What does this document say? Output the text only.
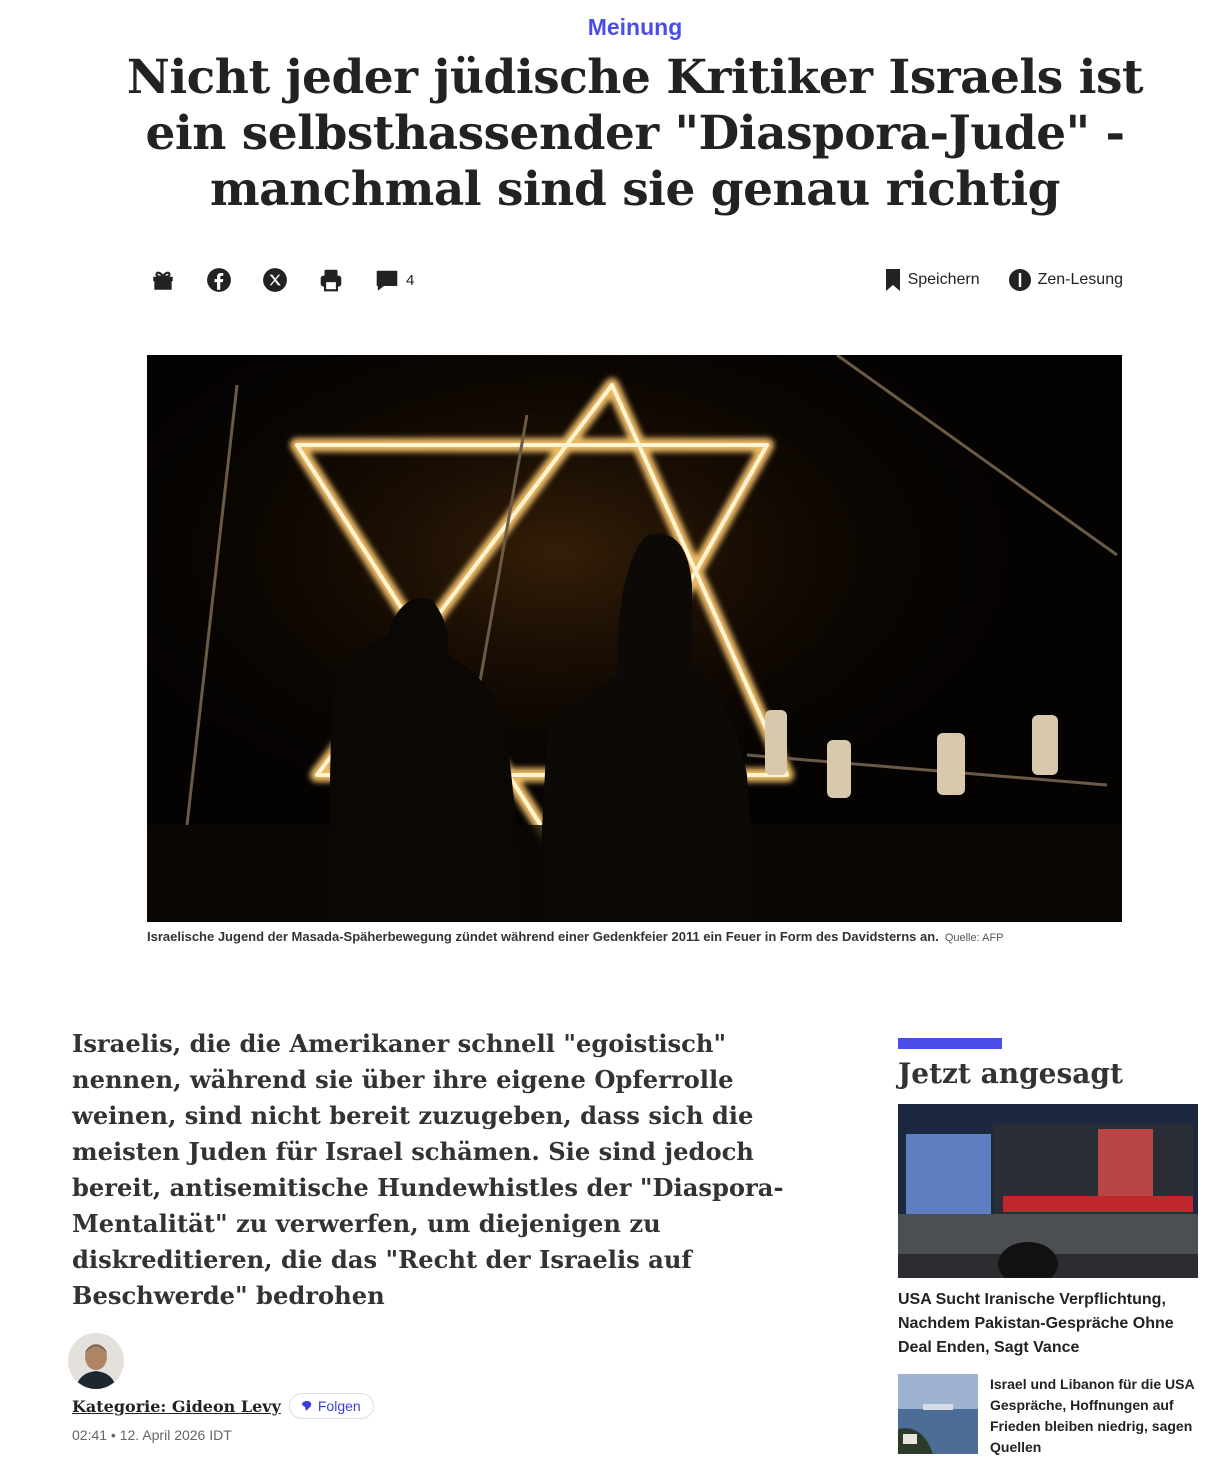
Meinung
Nicht jeder jüdische Kritiker Israels ist ein selbsthassender "Diaspora-Jude" - manchmal sind sie genau richtig
4	Speichern	Zen-Lesung
Israelische Jugend der Masada-Späherbewegung zündet während einer Gedenkfeier 2011 ein Feuer in Form des Davidsterns an. Quelle: AFP

Israelis, die die Amerikaner schnell "egoistisch" nennen, während sie über ihre eigene Opferrolle weinen, sind nicht bereit zuzugeben, dass sich die meisten Juden für Israel schämen. Sie sind jedoch bereit, antisemitische Hundewhistles der "Diaspora-Mentalität" zu verwerfen, um diejenigen zu diskreditieren, die das "Recht der Israelis auf Beschwerde" bedrohen

Kategorie: Gideon Levy	Folgen
02:41 • 12. April 2026 IDT
Jetzt angesagt
USA Sucht Iranische Verpflichtung, Nachdem Pakistan-Gespräche Ohne Deal Enden, Sagt Vance
Israel und Libanon für die USA Gespräche, Hoffnungen auf Frieden bleiben niedrig, sagen Quellen
